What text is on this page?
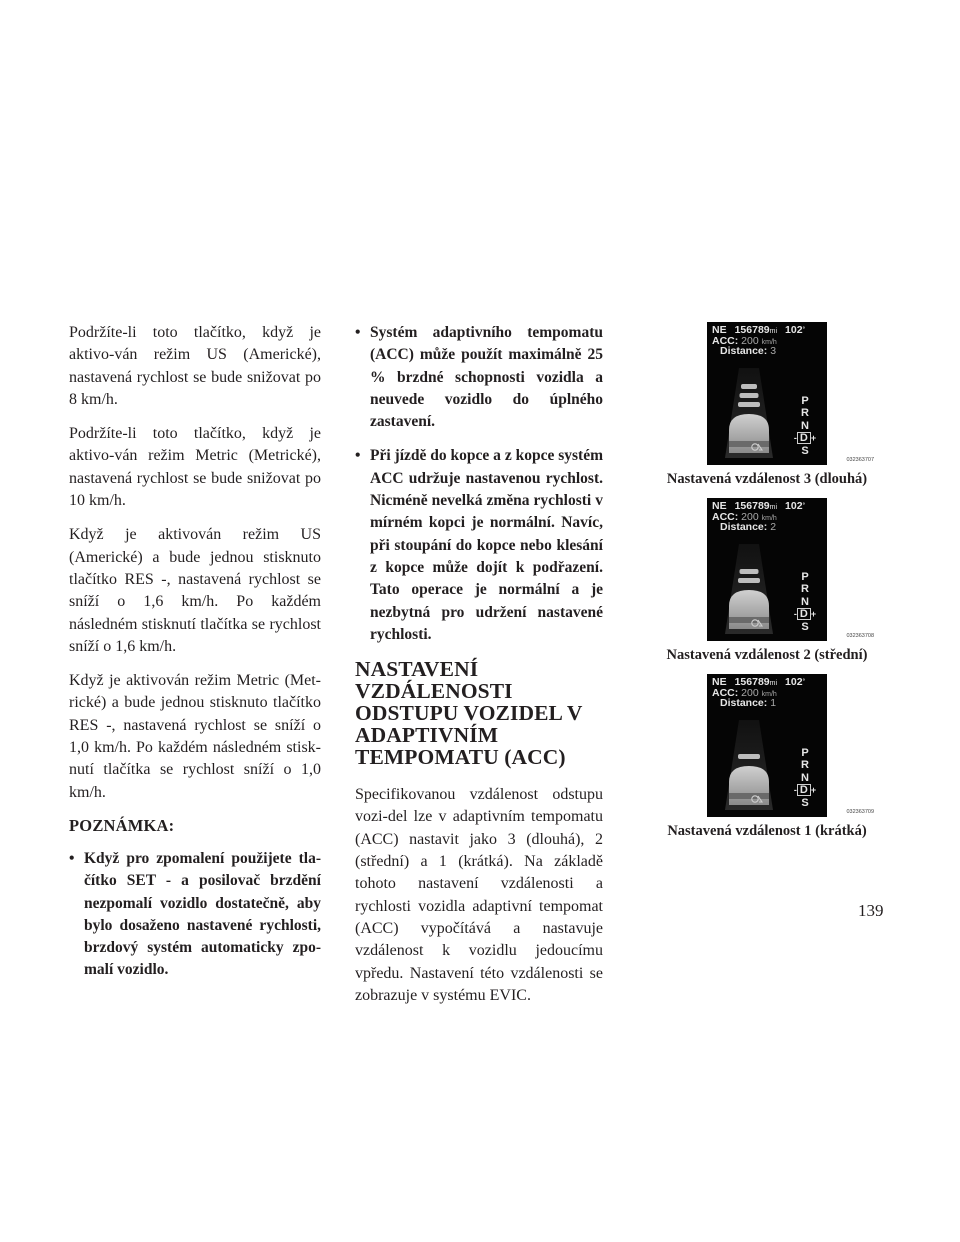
Podržíte-li toto tlačítko, když je aktivo-ván režim US (Americké), nastavená rychlost se bude snižovat po 8 km/h.

Podržíte-li toto tlačítko, když je aktivo-ván režim Metric (Metrické), nastavená rychlost se bude snižovat po 10 km/h.

Když je aktivován režim US (Americké) a bude jednou stisknuto tlačítko RES -, nastavená rychlost se sníží o 1,6 km/h. Po každém následném stisknutí tlačítka se rychlost sníží o 1,6 km/h.

Když je aktivován režim Metric (Met-rické) a bude jednou stisknuto tlačítko RES -, nastavená rychlost se sníží o 1,0 km/h. Po každém následném stisk-nutí tlačítka se rychlost sníží o 1,0 km/h.

POZNÁMKA:
• Když pro zpomalení použijete tla-čítko SET - a posilovač brzdění nezpomalí vozidlo dostatečně, aby bylo dosaženo nastavené rychlosti, brzdový systém automaticky zpo-malí vozidlo.
• Systém adaptivního tempomatu (ACC) může použít maximálně 25 % brzdné schopnosti vozidla a neuvede vozidlo do úplného zastavení.
• Při jízdě do kopce a z kopce systém ACC udržuje nastavenou rychlost. Nicméně nevelká změna rychlosti v mírném kopci je normální. Navíc, při stoupání do kopce nebo klesání z kopce může dojít k podřazení. Tato operace je normální a je nezbytná pro udržení nastavené rychlosti.
NASTAVENÍ VZDÁLENOSTI ODSTUPU VOZIDEL V ADAPTIVNÍM TEMPOMATU (ACC)

Specifikovanou vzdálenost odstupu vozi-del lze v adaptivním tempomatu (ACC) nastavit jako 3 (dlouhá), 2 (střední) a 1 (krátká). Na základě tohoto nastavení vzdálenosti a rychlosti vozidla adaptivní tempomat (ACC) vypočítává a nastavuje vzdálenost k vozidlu jedoucímu vpředu. Nastavení této vzdálenosti se zobrazuje v systému EVIC.

NE 156789mi 102°
ACC: 200 km/h
Distance: 3
P
R
N
- D +
S
032363707
Nastavená vzdálenost 3 (dlouhá)
NE 156789mi 102°
ACC: 200 km/h
Distance: 2
P
R
N
- D +
S
032363708
Nastavená vzdálenost 2 (střední)
NE 156789mi 102°
ACC: 200 km/h
Distance: 1
P
R
N
- D +
S
032363709
Nastavená vzdálenost 1 (krátká)
139
